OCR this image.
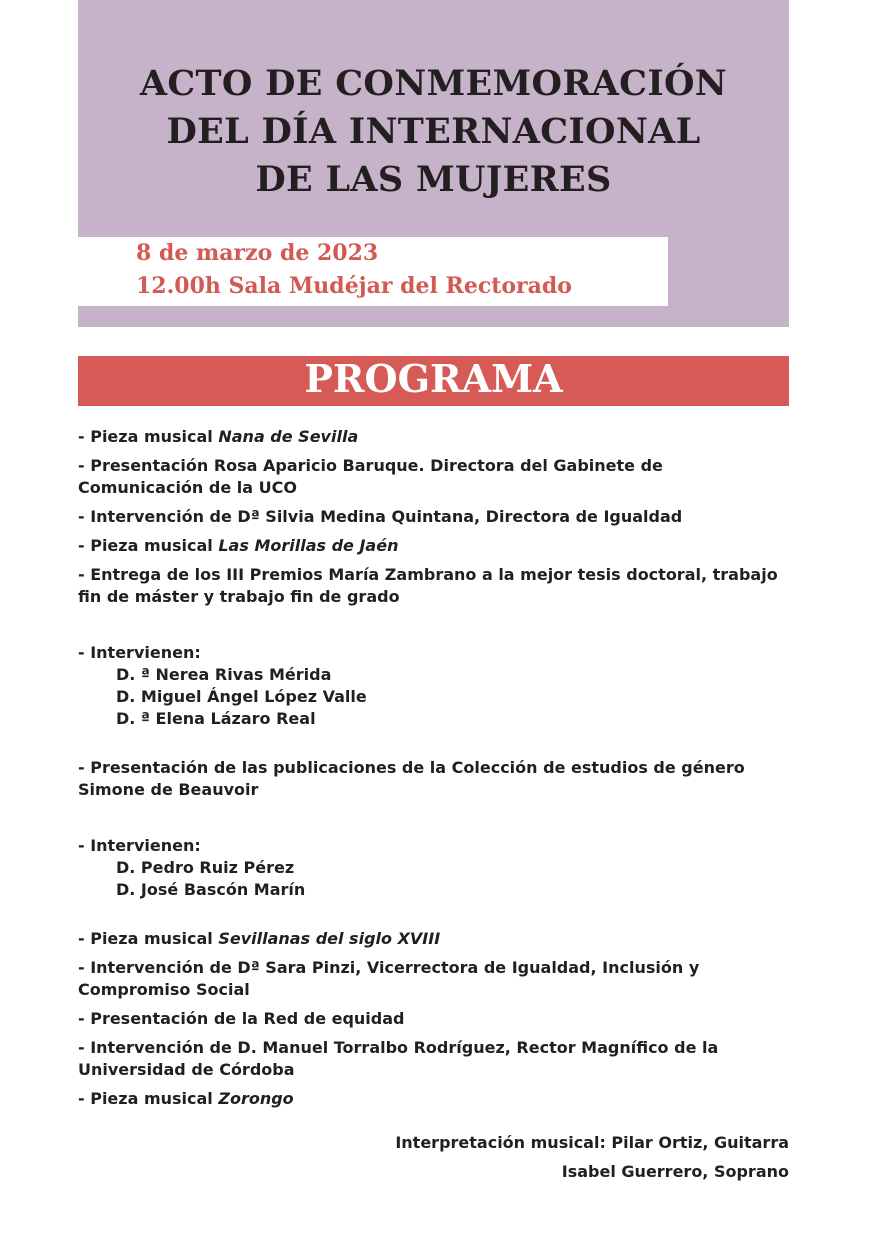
ACTO DE CONMEMORACIÓN
DEL DÍA INTERNACIONAL
DE LAS MUJERES
8 de marzo de 2023
12.00h Sala Mudéjar del Rectorado
PROGRAMA

- Pieza musical Nana de Sevilla

- Presentación Rosa Aparicio Baruque. Directora del Gabinete de Comunicación de la UCO

- Intervención de Dª Silvia Medina Quintana, Directora de Igualdad

- Pieza musical Las Morillas de Jaén

- Entrega de los III Premios María Zambrano a la mejor tesis doctoral, trabajo fin de máster y trabajo fin de grado

- Intervienen:

D. ª Nerea Rivas Mérida

D. Miguel Ángel López Valle

D. ª Elena Lázaro Real

- Presentación de las publicaciones de la Colección de estudios de género Simone de Beauvoir

- Intervienen:

D. Pedro Ruiz Pérez

D. José Bascón Marín

- Pieza musical Sevillanas del siglo XVIII

- Intervención de Dª Sara Pinzi, Vicerrectora de Igualdad, Inclusión y Compromiso Social

- Presentación de la Red de equidad

- Intervención de D. Manuel Torralbo Rodríguez, Rector Magnífico de la Universidad de Córdoba

- Pieza musical Zorongo

Interpretación musical: Pilar Ortiz, Guitarra
Isabel Guerrero, Soprano
